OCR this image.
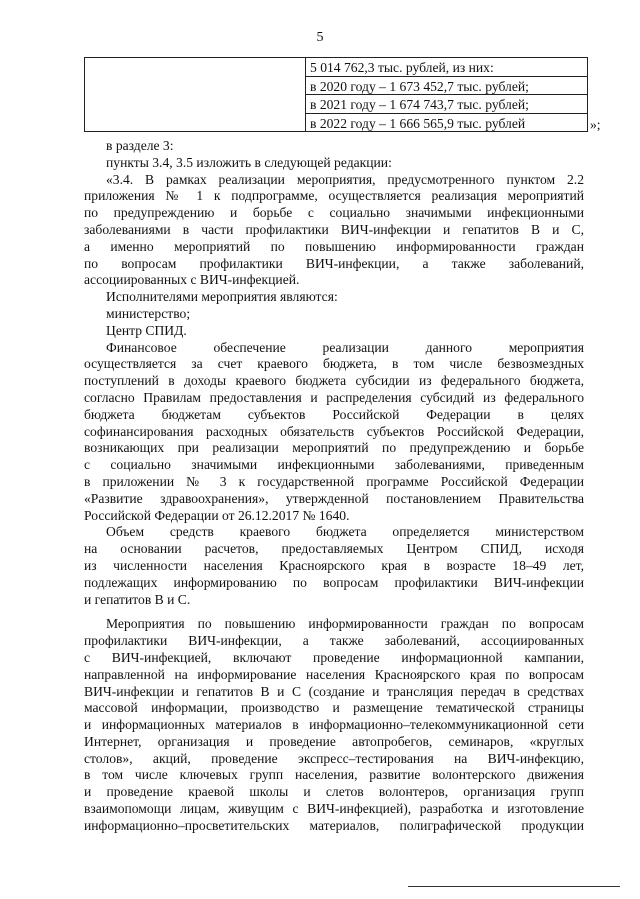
5

5 014 762,3 тыс. рублей, из них:
в 2020 году – 1 673 452,7 тыс. рублей;
в 2021 году – 1 674 743,7 тыс. рублей;
в 2022 году – 1 666 565,9 тыс. рублей	»;

в разделе 3:

пункты 3.4, 3.5 изложить в следующей редакции:

«3.4. В рамках реализации мероприятия, предусмотренного пунктом 2.2

приложения № 1 к подпрограмме, осуществляется реализация мероприятий

по предупреждению и борьбе с социально значимыми инфекционными

заболеваниями в части профилактики ВИЧ-инфекции и гепатитов В и С,

а именно мероприятий по повышению информированности граждан

по вопросам профилактики ВИЧ-инфекции, а также заболеваний,

ассоциированных с ВИЧ-инфекцией.

Исполнителями мероприятия являются:

министерство;

Центр СПИД.

Финансовое обеспечение реализации данного мероприятия

осуществляется за счет краевого бюджета, в том числе безвозмездных

поступлений в доходы краевого бюджета субсидии из федерального бюджета,

согласно Правилам предоставления и распределения субсидий из федерального

бюджета бюджетам субъектов Российской Федерации в целях

софинансирования расходных обязательств субъектов Российской Федерации,

возникающих при реализации мероприятий по предупреждению и борьбе

с социально значимыми инфекционными заболеваниями, приведенным

в приложении № 3 к государственной программе Российской Федерации

«Развитие здравоохранения», утвержденной постановлением Правительства

Российской Федерации от 26.12.2017 № 1640.

Объем средств краевого бюджета определяется министерством

на основании расчетов, предоставляемых Центром СПИД, исходя

из численности населения Красноярского края в возрасте 18–49 лет,

подлежащих информированию по вопросам профилактики ВИЧ-инфекции

и гепатитов В и С.

Мероприятия по повышению информированности граждан по вопросам

профилактики ВИЧ-инфекции, а также заболеваний, ассоциированных

с ВИЧ-инфекцией, включают проведение информационной кампании,

направленной на информирование населения Красноярского края по вопросам

ВИЧ-инфекции и гепатитов В и С (создание и трансляция передач в средствах

массовой информации, производство и размещение тематической страницы

и информационных материалов в информационно–телекоммуникационной сети

Интернет, организация и проведение автопробегов, семинаров, «круглых

столов», акций, проведение экспресс–тестирования на ВИЧ-инфекцию,

в том числе ключевых групп населения, развитие волонтерского движения

и проведение краевой школы и слетов волонтеров, организация групп

взаимопомощи лицам, живущим с ВИЧ-инфекцией), разработка и изготовление

информационно–просветительских материалов, полиграфической продукции
